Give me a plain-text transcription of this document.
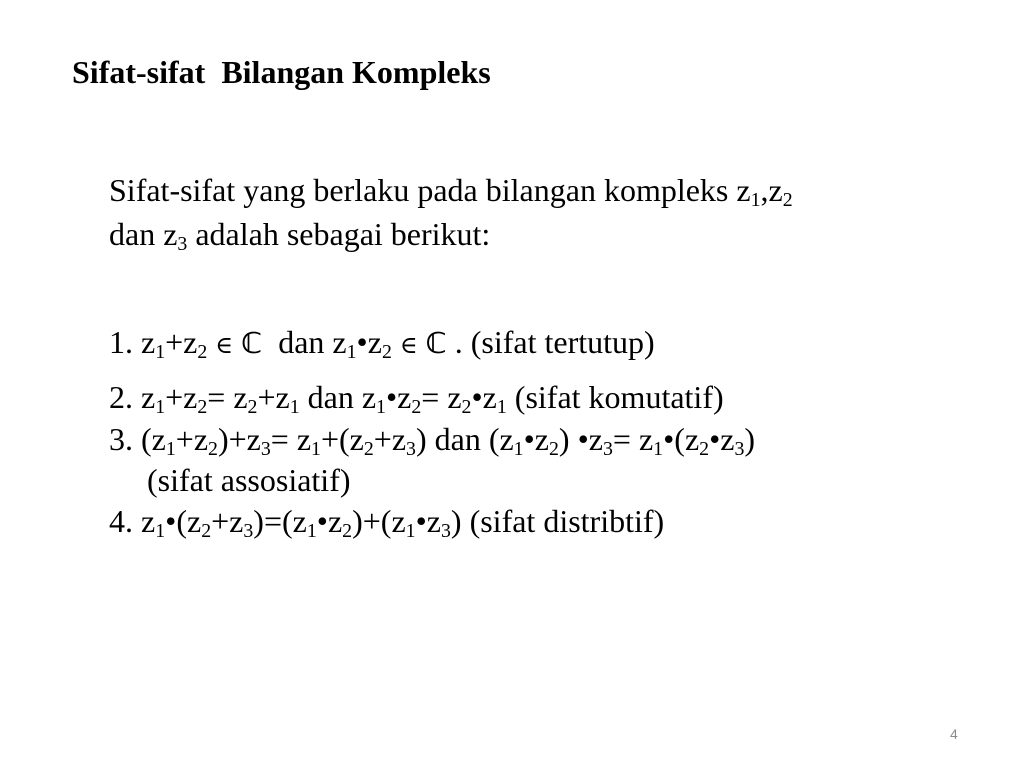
Sifat-sifat  Bilangan Kompleks
Sifat-sifat yang berlaku pada bilangan kompleks $z_1,z_2$
dan $z_3$ adalah sebagai berikut:
1. $z_1+z_2$ ∈ ℂ dan $z_1•z_2$ ∈ ℂ . (sifat tertutup)
2. $z_1+z_2= z_2+z_1$ dan $z_1•z_2=$ $z_2•z_1$ (sifat komutatif)
3. $(z_1+z_2)+z_3= z_1+(z_2+z_3)$ dan $(z_1•z_2)$ $•z_3=$ $z_1•(z_2•z_3)$
(sifat assosiatif)
4. $z_1•(z_2+z_3)=(z_1•z_2)+(z_1•z_3)$ (sifat distribtif)
4
